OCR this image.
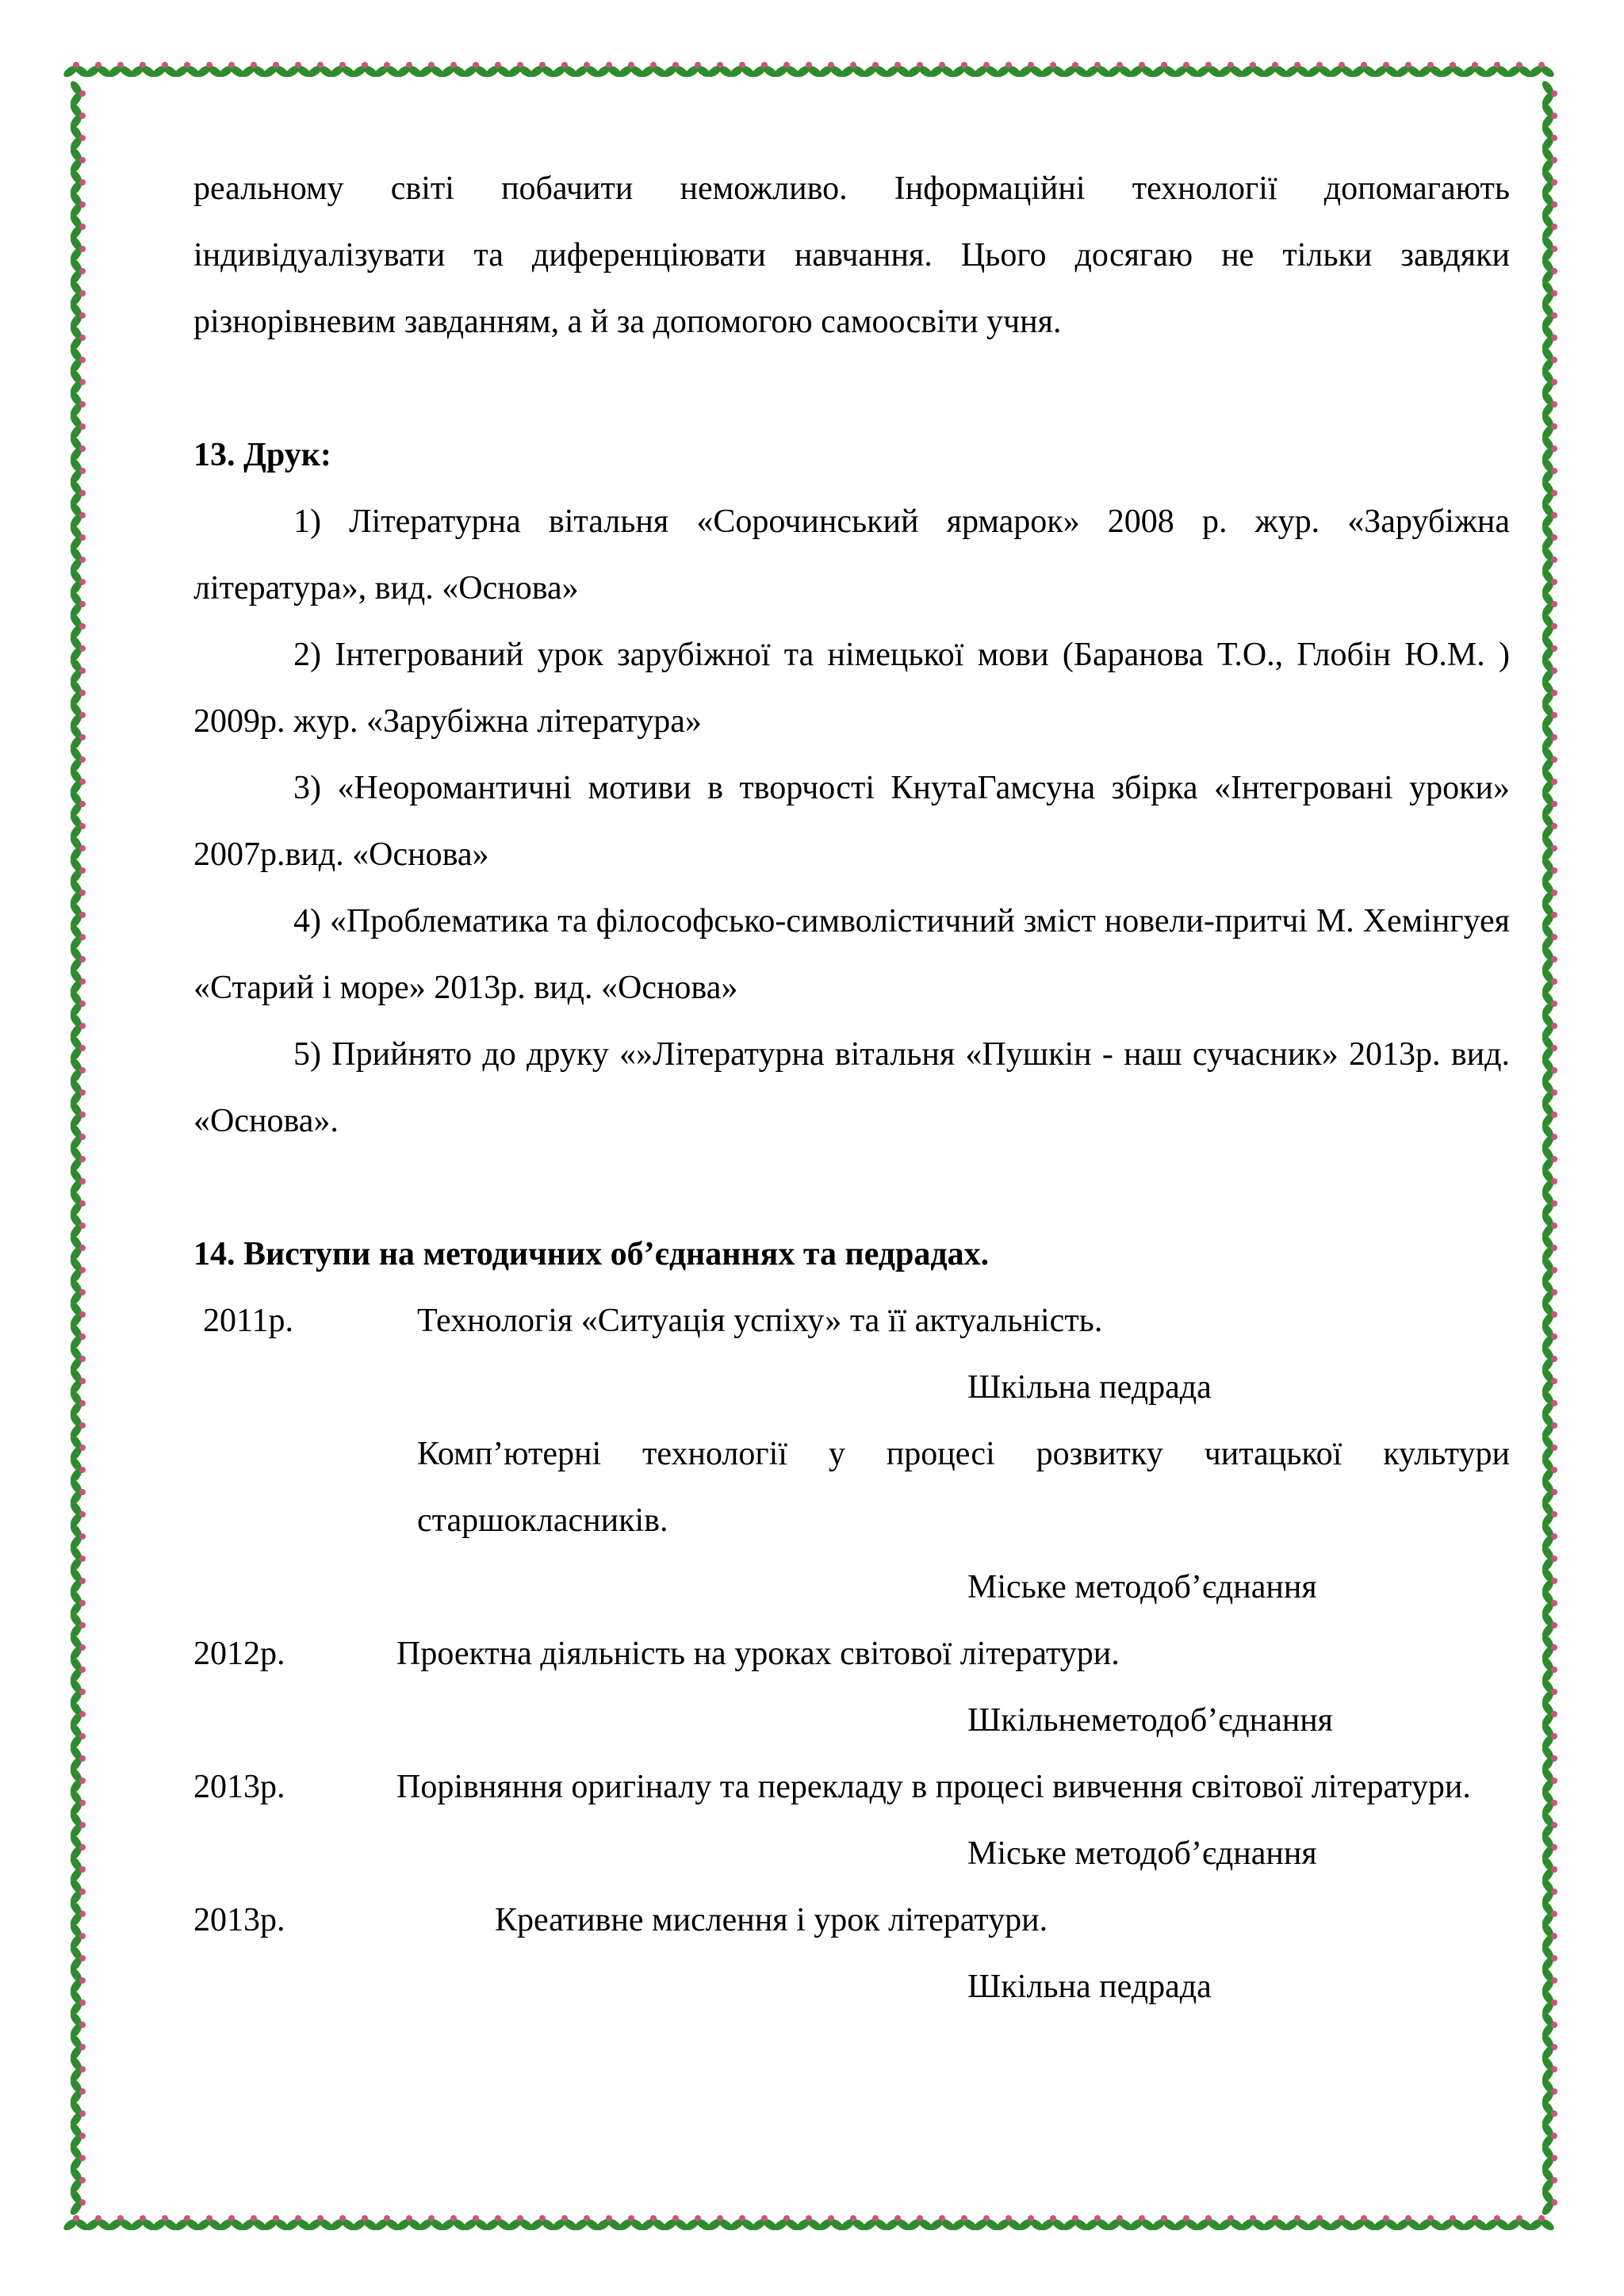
реальному світі побачити неможливо. Інформаційні технології допомагають індивідуалізувати та диференціювати навчання. Цього досягаю не тільки завдяки різнорівневим завданням, а й за допомогою самоосвіти учня.

13. Друк:

1) Літературна вітальня «Сорочинський ярмарок» 2008 р. жур. «Зарубіжна література», вид. «Основа»

2) Інтегрований урок зарубіжної та німецької мови (Баранова Т.О., Глобін Ю.М. ) 2009р. жур. «Зарубіжна література»

3) «Неоромантичні мотиви в творчості КнутаГамсуна збірка «Інтегровані уроки» 2007р.вид. «Основа»

4) «Проблематика та філософсько-символістичний зміст новели-притчі М. Хемінгуея «Старий і море» 2013р. вид. «Основа»

5) Прийнято до друку «»Літературна вітальня «Пушкін - наш сучасник» 2013р. вид. «Основа».

14. Виступи на методичних об’єднаннях та педрадах.

2011р.	Технологія «Ситуація успіху» та її актуальність.

Шкільна педрада

Комп’ютерні технології у процесі розвитку читацької культури старшокласників.

Міське методоб’єднання

2012р.	Проектна діяльність на уроках світової літератури.

Шкільнеметодоб’єднання

2013р.	Порівняння оригіналу та перекладу в процесі вивчення світової літератури.

Міське методоб’єднання

2013р.	Креативне мислення і урок літератури.

Шкільна педрада
